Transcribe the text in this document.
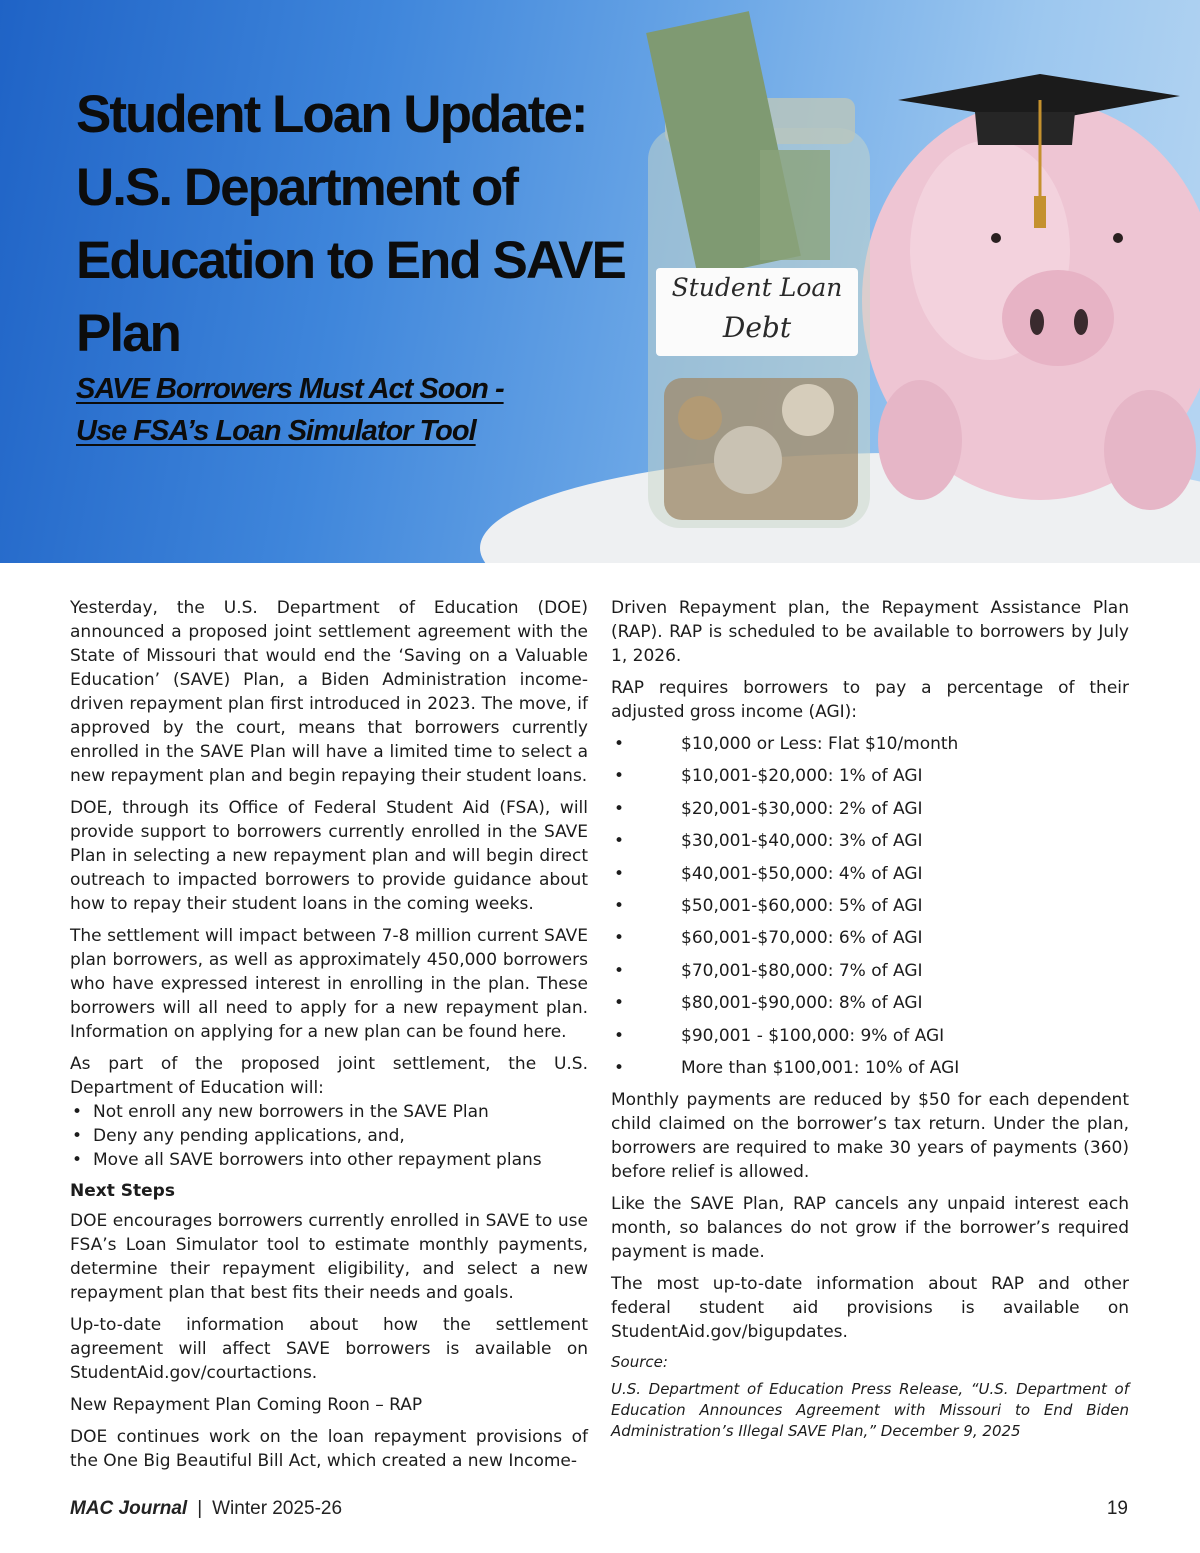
Student Loan Update:
U.S. Department of
Education to End SAVE
Plan
SAVE Borrowers Must Act Soon -
Use FSA’s Loan Simulator Tool
Student Loan
Debt

Yesterday, the U.S. Department of Education (DOE) announced a proposed joint settlement agreement with the State of Missouri that would end the ‘Saving on a Valuable Education’ (SAVE) Plan, a Biden Administration income-driven repayment plan first introduced in 2023. The move, if approved by the court, means that borrowers currently enrolled in the SAVE Plan will have a limited time to select a new repayment plan and begin repaying their student loans.

DOE, through its Office of Federal Student Aid (FSA), will provide support to borrowers currently enrolled in the SAVE Plan in selecting a new repayment plan and will begin direct outreach to impacted borrowers to provide guidance about how to repay their student loans in the coming weeks.

The settlement will impact between 7-8 million current SAVE plan borrowers, as well as approximately 450,000 borrowers who have expressed interest in enrolling in the plan. These borrowers will all need to apply for a new repayment plan. Information on applying for a new plan can be found here.

As part of the proposed joint settlement, the U.S. Department of Education will:

• Not enroll any new borrowers in the SAVE Plan
• Deny any pending applications, and,
• Move all SAVE borrowers into other repayment plans
Next Steps

DOE encourages borrowers currently enrolled in SAVE to use FSA’s Loan Simulator tool to estimate monthly payments, determine their repayment eligibility, and select a new repayment plan that best fits their needs and goals.

Up-to-date information about how the settlement agreement will affect SAVE borrowers is available on StudentAid.gov/courtactions.

New Repayment Plan Coming Roon – RAP

DOE continues work on the loan repayment provisions of the One Big Beautiful Bill Act, which created a new Income-

Driven Repayment plan, the Repayment Assistance Plan (RAP). RAP is scheduled to be available to borrowers by July 1, 2026.

RAP requires borrowers to pay a percentage of their adjusted gross income (AGI):

• $10,000 or Less: Flat $10/month
• $10,001-$20,000: 1% of AGI
• $20,001-$30,000: 2% of AGI
• $30,001-$40,000: 3% of AGI
• $40,001-$50,000: 4% of AGI
• $50,001-$60,000: 5% of AGI
• $60,001-$70,000: 6% of AGI
• $70,001-$80,000: 7% of AGI
• $80,001-$90,000: 8% of AGI
• $90,001 - $100,000: 9% of AGI
• More than $100,001: 10% of AGI

Monthly payments are reduced by $50 for each dependent child claimed on the borrower’s tax return. Under the plan, borrowers are required to make 30 years of payments (360) before relief is allowed.

Like the SAVE Plan, RAP cancels any unpaid interest each month, so balances do not grow if the borrower’s required payment is made.

The most up-to-date information about RAP and other federal student aid provisions is available on StudentAid.gov/bigupdates.

Source:

U.S. Department of Education Press Release, “U.S. Department of Education Announces Agreement with Missouri to End Biden Administration’s Illegal SAVE Plan,” December 9, 2025

MAC Journal | Winter 2025-26	19
